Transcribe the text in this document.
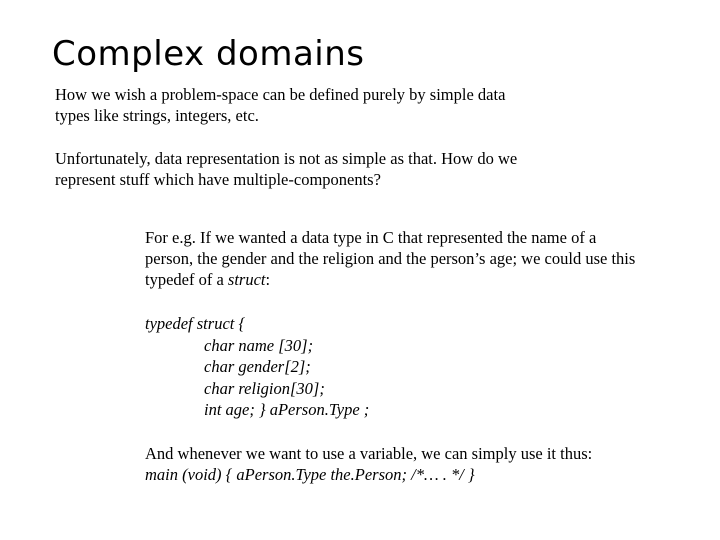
Complex domains
How we wish a problem-space can be defined purely by simple data
types like strings, integers, etc.
Unfortunately, data representation is not as simple as that. How do we
represent stuff which have multiple-components?
For e.g. If we wanted a data type in C that represented the name of a
person, the gender and the religion and the person’s age; we could use this
typedef of a struct:
typedef struct {
char name [30];
char gender[2];
char religion[30];
int age; } aPerson.Type ;
And whenever we want to use a variable, we can simply use it thus:
main (void) { aPerson.Type the.Person; /*… . */ }
